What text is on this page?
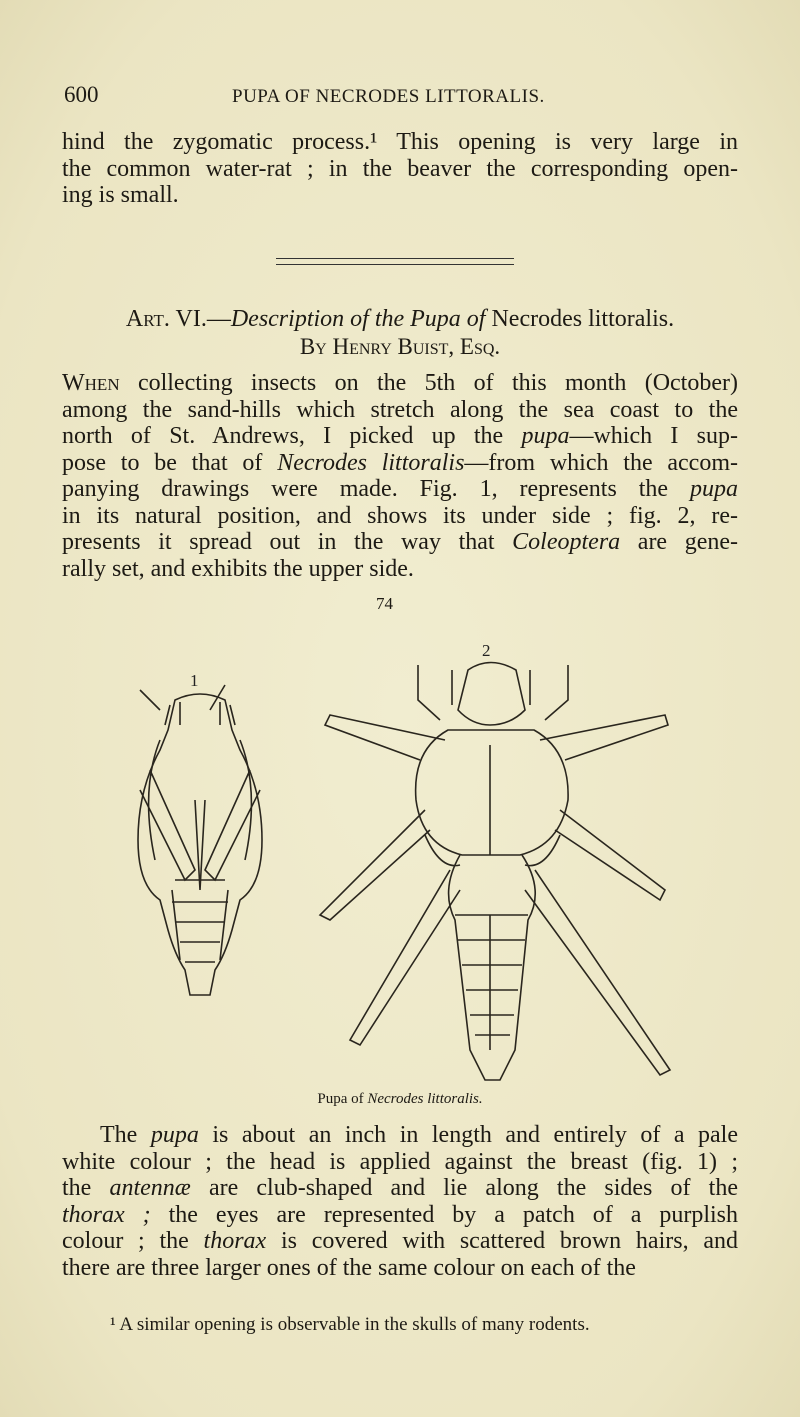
600	PUPA OF NECRODES LITTORALIS.
hind the zygomatic process.¹ This opening is very large in
the common water-rat ; in the beaver the corresponding open-
ing is small.
Art. VI.—Description of the Pupa of Necrodes littoralis.
By Henry Buist, Esq.
When collecting insects on the 5th of this month (October)
among the sand-hills which stretch along the sea coast to the
north of St. Andrews, I picked up the pupa—which I sup-
pose to be that of Necrodes littoralis—from which the accom-
panying drawings were made. Fig. 1, represents the pupa
in its natural position, and shows its under side ; fig. 2, re-
presents it spread out in the way that Coleoptera are gene-
rally set, and exhibits the upper side.
74
1
2
Pupa of Necrodes littoralis.
The pupa is about an inch in length and entirely of a pale
white colour ; the head is applied against the breast (fig. 1) ;
the antennæ are club-shaped and lie along the sides of the
thorax ; the eyes are represented by a patch of a purplish
colour ; the thorax is covered with scattered brown hairs, and
there are three larger ones of the same colour on each of the
¹ A similar opening is observable in the skulls of many rodents.
